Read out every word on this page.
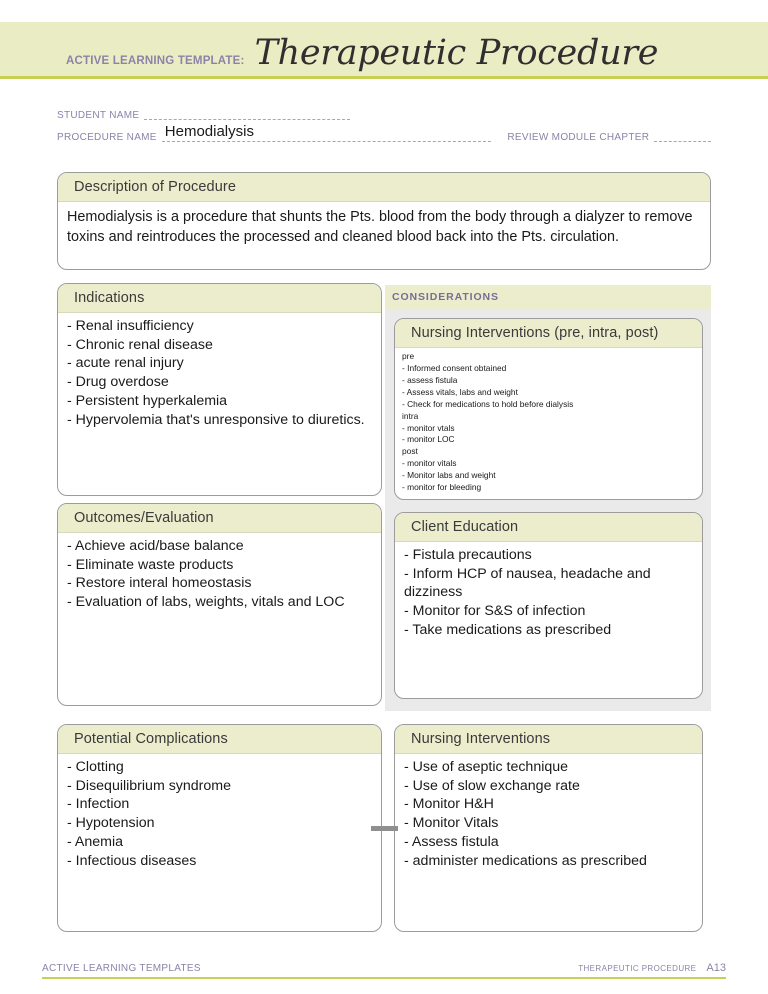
ACTIVE LEARNING TEMPLATE: Therapeutic Procedure
STUDENT NAME
PROCEDURE NAME Hemodialysis	REVIEW MODULE CHAPTER
Description of Procedure
Hemodialysis is a procedure that shunts the Pts. blood from the body through a dialyzer to remove toxins and reintroduces the processed and cleaned blood back into the Pts. circulation.
Indications
- Renal insufficiency
- Chronic renal disease
- acute renal injury
- Drug overdose
- Persistent hyperkalemia
- Hypervolemia that's unresponsive to diuretics.
Outcomes/Evaluation
- Achieve acid/base balance
- Eliminate waste products
- Restore interal homeostasis
- Evaluation of labs, weights, vitals and LOC
Potential Complications
- Clotting
- Disequilibrium syndrome
- Infection
- Hypotension
- Anemia
- Infectious diseases
CONSIDERATIONS
Nursing Interventions (pre, intra, post)
pre
- Informed consent obtained
- assess fistula
- Assess vitals, labs and weight
- Check for medications to hold before dialysis
intra
- monitor vtals
- monitor LOC
post
- monitor vitals
- Monitor labs and weight
- monitor for bleeding
Client Education
- Fistula precautions
- Inform HCP of nausea, headache and dizziness
- Monitor for S&S of infection
- Take medications as prescribed
Nursing Interventions
- Use of aseptic technique
- Use of slow exchange rate
- Monitor H&H
- Monitor Vitals
- Assess fistula
- administer medications as prescribed
ACTIVE LEARNING TEMPLATES	THERAPEUTIC PROCEDURE A13
